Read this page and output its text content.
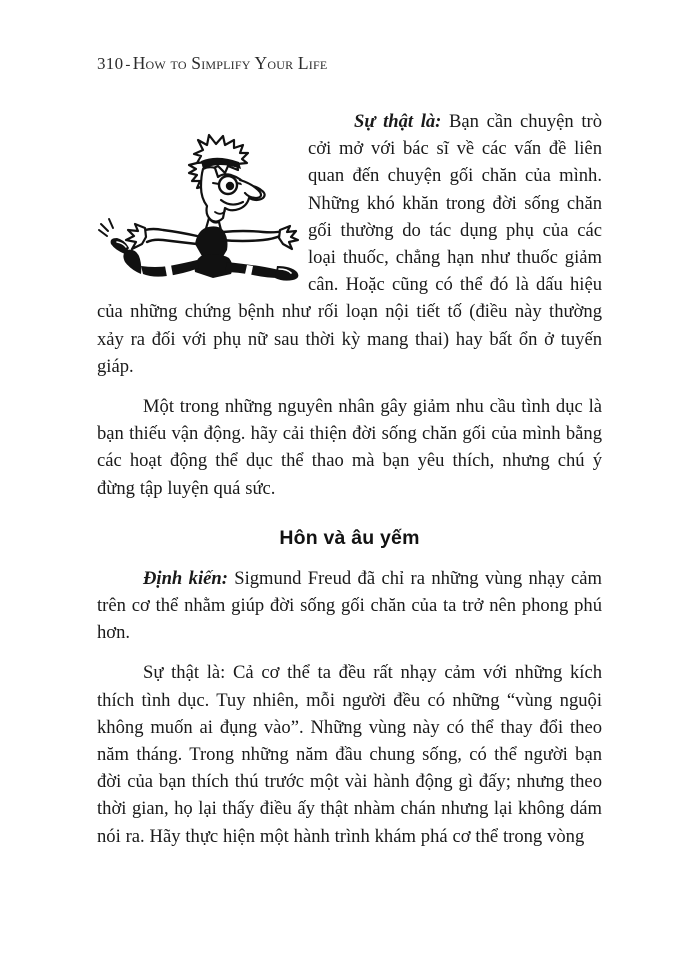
310 - How to Simplify Your Life

Sự thật là: Bạn cần chuyện trò cởi mở với bác sĩ về các vấn đề liên quan đến chuyện gối chăn của mình. Những khó khăn trong đời sống chăn gối thường do tác dụng phụ của các loại thuốc, chẳng hạn như thuốc giảm cân. Hoặc cũng có thể đó là dấu hiệu của những chứng bệnh như rối loạn nội tiết tố (điều này thường xảy ra đối với phụ nữ sau thời kỳ mang thai) hay bất ổn ở tuyến giáp.

Một trong những nguyên nhân gây giảm nhu cầu tình dục là bạn thiếu vận động. hãy cải thiện đời sống chăn gối của mình bằng các hoạt động thể dục thể thao mà bạn yêu thích, nhưng chú ý đừng tập luyện quá sức.

Hôn và âu yếm

Định kiến: Sigmund Freud đã chỉ ra những vùng nhạy cảm trên cơ thể nhằm giúp đời sống gối chăn của ta trở nên phong phú hơn.

Sự thật là: Cả cơ thể ta đều rất nhạy cảm với những kích thích tình dục. Tuy nhiên, mỗi người đều có những “vùng nguội không muốn ai đụng vào”. Những vùng này có thể thay đổi theo năm tháng. Trong những năm đầu chung sống, có thể người bạn đời của bạn thích thú trước một vài hành động gì đấy; nhưng theo thời gian, họ lại thấy điều ấy thật nhàm chán nhưng lại không dám nói ra. Hãy thực hiện một hành trình khám phá cơ thể trong vòng
